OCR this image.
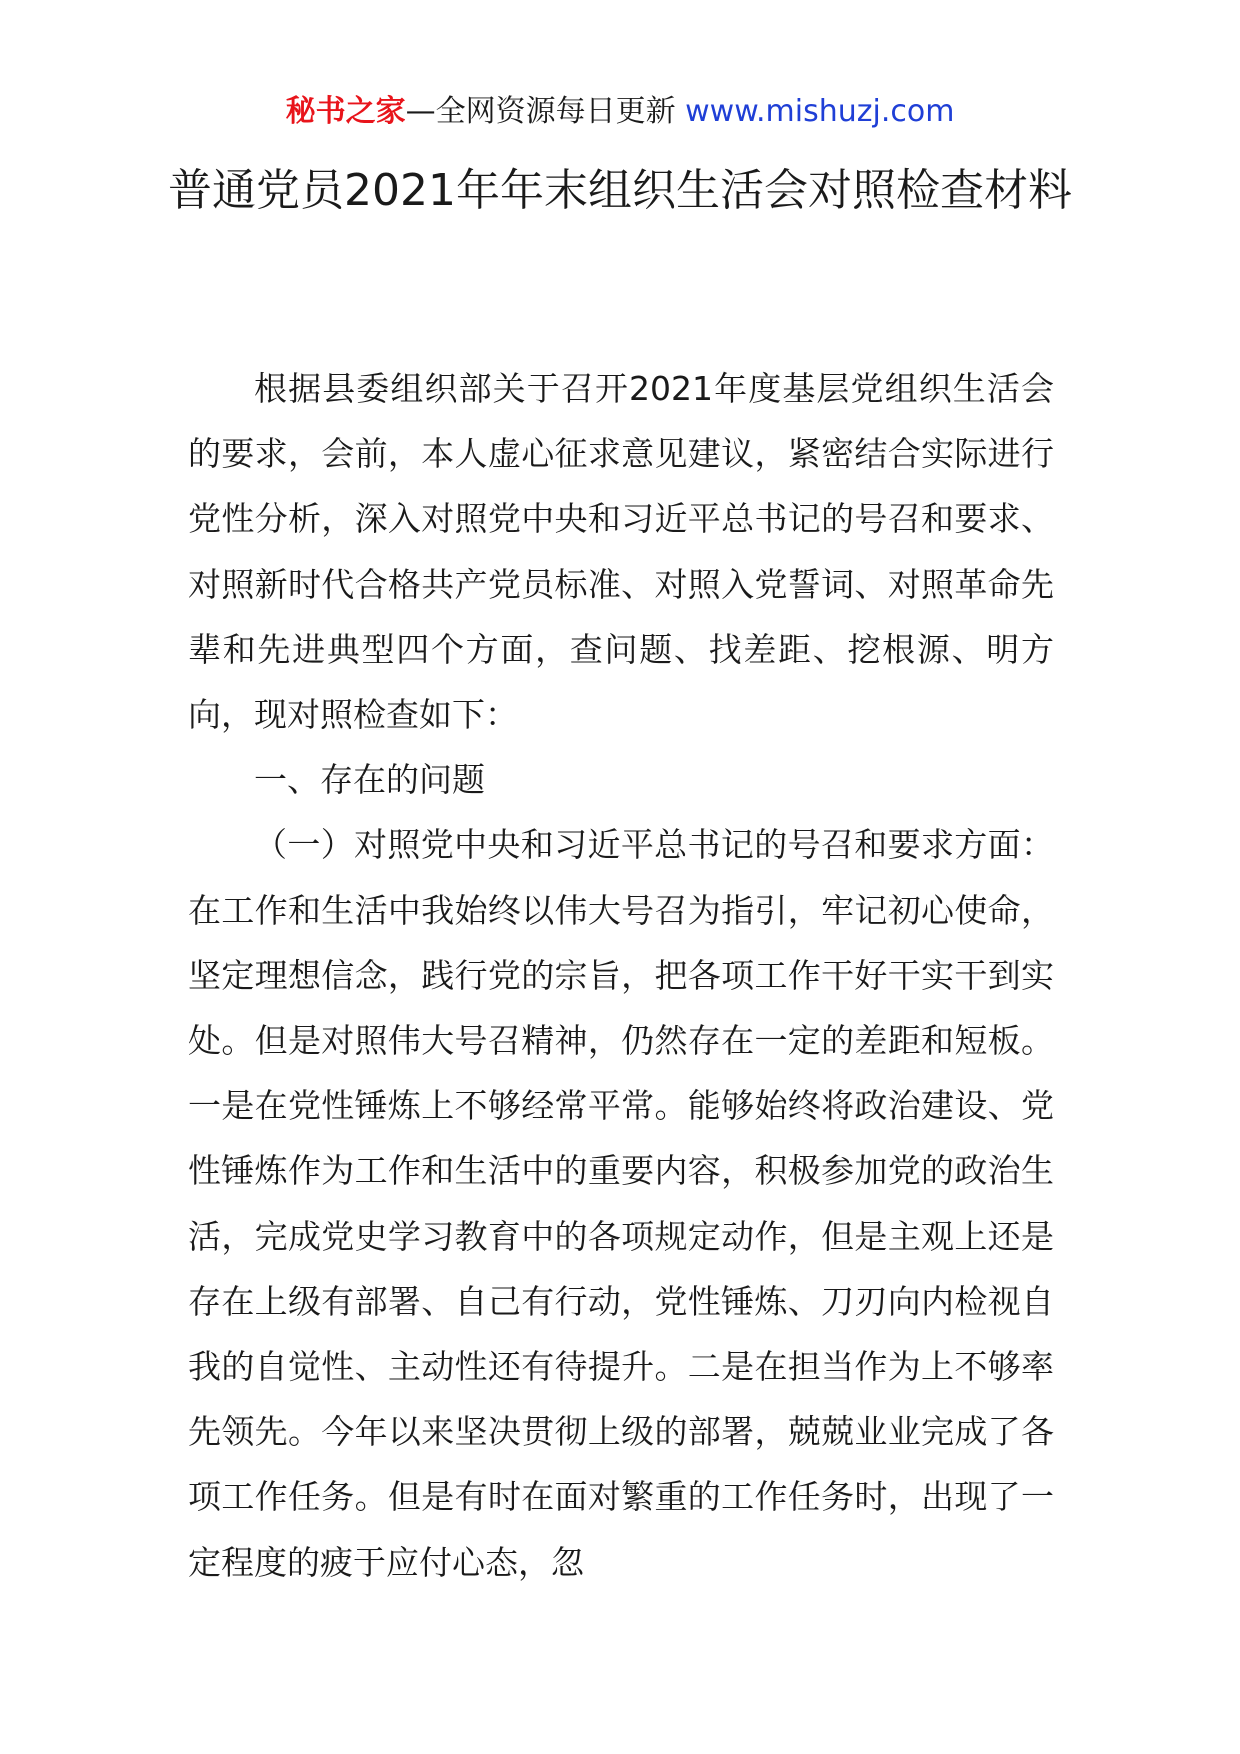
秘书之家—全网资源每日更新 www.mishuzj.com
普通党员2021年年末组织生活会对照检查材料

根据县委组织部关于召开2021年度基层党组织生活会的要求，会前，本人虚心征求意见建议，紧密结合实际进行党性分析，深入对照党中央和习近平总书记的号召和要求、对照新时代合格共产党员标准、对照入党誓词、对照革命先辈和先进典型四个方面，查问题、找差距、挖根源、明方向，现对照检查如下：

一、存在的问题

（一）对照党中央和习近平总书记的号召和要求方面：在工作和生活中我始终以伟大号召为指引，牢记初心使命，坚定理想信念，践行党的宗旨，把各项工作干好干实干到实处。但是对照伟大号召精神，仍然存在一定的差距和短板。一是在党性锤炼上不够经常平常。能够始终将政治建设、党性锤炼作为工作和生活中的重要内容，积极参加党的政治生活，完成党史学习教育中的各项规定动作，但是主观上还是存在上级有部署、自己有行动，党性锤炼、刀刃向内检视自我的自觉性、主动性还有待提升。二是在担当作为上不够率先领先。今年以来坚决贯彻上级的部署，兢兢业业完成了各项工作任务。但是有时在面对繁重的工作任务时，出现了一定程度的疲于应付心态，忽
